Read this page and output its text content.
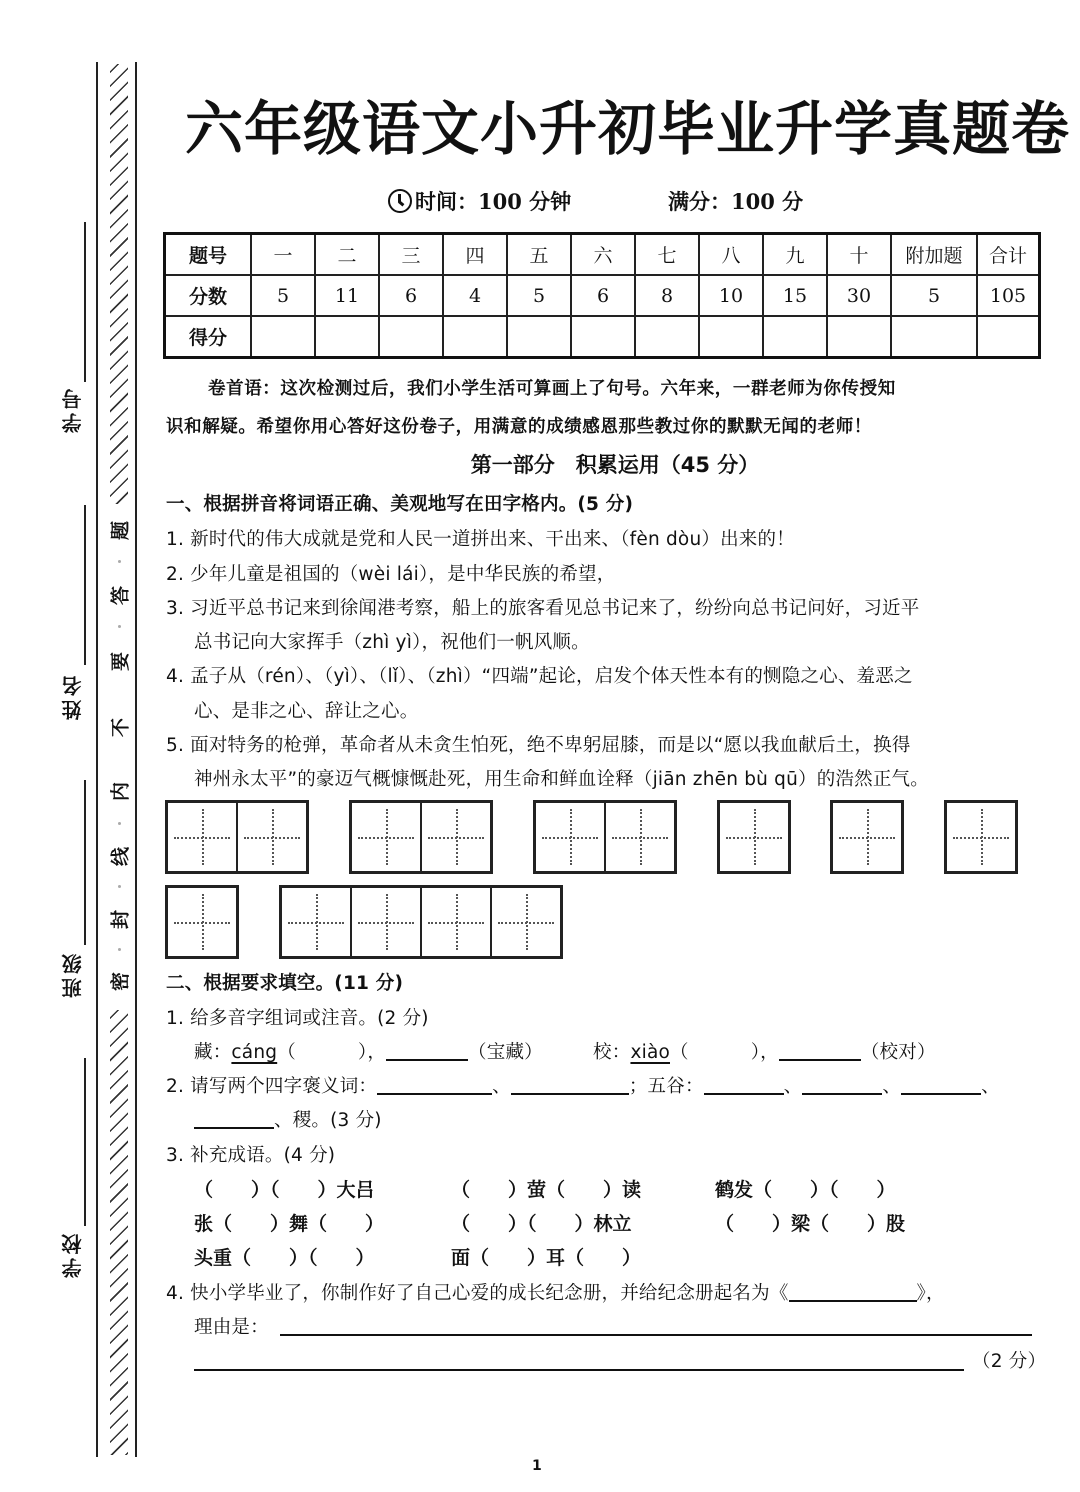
学号
姓名
班级
学校
题
答
要
不
内
线
封
密
六年级语文小升初毕业升学真题卷
时间：100 分钟	满分：100 分
题号	一	二	三	四	五	六	七	八	九	十	附加题	合计
分数	5	11	6	4	5	6	8	10	15	30	5	105
得分												
卷首语：这次检测过后，我们小学生活可算画上了句号。六年来，一群老师为你传授知
识和解疑。希望你用心答好这份卷子，用满意的成绩感恩那些教过你的默默无闻的老师！
第一部分　积累运用（45 分）
一、根据拼音将词语正确、美观地写在田字格内。(5 分)
1. 新时代的伟大成就是党和人民一道拼出来、干出来、（fèn dòu）出来的！
2. 少年儿童是祖国的（wèi lái），是中华民族的希望，
3. 习近平总书记来到徐闻港考察，船上的旅客看见总书记来了，纷纷向总书记问好，习近平
总书记向大家挥手（zhì yì），祝他们一帆风顺。
4. 孟子从（rén）、（yì）、（lǐ）、（zhì）“四端”起论，启发个体天性本有的恻隐之心、羞恶之
心、是非之心、辞让之心。
5. 面对特务的枪弹，革命者从未贪生怕死，绝不卑躬屈膝，而是以“愿以我血献后土，换得
神州永太平”的豪迈气概慷慨赴死，用生命和鲜血诠释（jiān zhēn bù qū）的浩然正气。
二、根据要求填空。(11 分)
1. 给多音字组词或注音。(2 分)
藏：cáng（	），	（宝藏）	校：xiào（	），	（校对）
2. 请写两个四字褒义词：	、	；五谷：	、	、	、
、稷。(3 分)
3. 补充成语。(4 分)
（　　）（　　）大吕	（　　）萤（　　）读	鹤发（　　）（　　）
张（　　）舞（　　）	（　　）（　　）林立	（　　）梁（　　）股
头重（　　）（　　）	面（　　）耳（　　）
4. 快小学毕业了，你制作好了自己心爱的成长纪念册，并给纪念册起名为《	》，
理由是：
（2 分）
1
